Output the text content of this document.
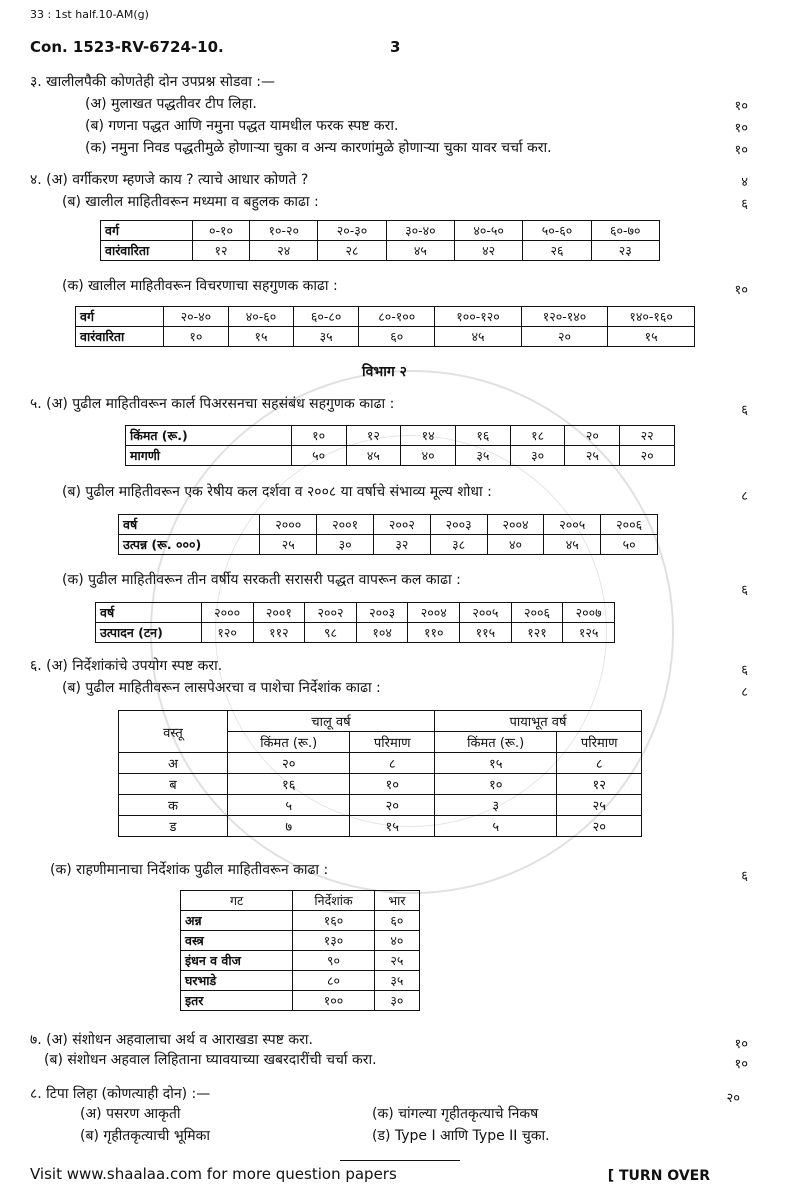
33 : 1st half.10-AM(g)
Con. 1523-RV-6724-10.	3
३. खालीलपैकी कोणतेही दोन उपप्रश्न सोडवा :—
(अ) मुलाखत पद्धतीवर टीप लिहा.	१०
(ब) गणना पद्धत आणि नमुना पद्धत यामधील फरक स्पष्ट करा.	१०
(क) नमुना निवड पद्धतीमुळे होणाऱ्या चुका व अन्य कारणांमुळे होणाऱ्या चुका यावर चर्चा करा.	१०
४. (अ) वर्गीकरण म्हणजे काय ? त्याचे आधार कोणते ?	४
(ब) खालील माहितीवरून मध्यमा व बहुलक काढा :	६
वर्ग	०-१०	१०-२०	२०-३०	३०-४०	४०-५०	५०-६०	६०-७०
वारंवारिता	१२	२४	२८	४५	४२	२६	२३
(क) खालील माहितीवरून विचरणाचा सहगुणक काढा :	१०
वर्ग	२०-४०	४०-६०	६०-८०	८०-१००	१००-१२०	१२०-१४०	१४०-१६०
वारंवारिता	१०	१५	३५	६०	४५	२०	१५
विभाग २
५. (अ) पुढील माहितीवरून कार्ल पिअरसनचा सहसंबंध सहगुणक काढा :	६
किंमत (रू.)	१०	१२	१४	१६	१८	२०	२२
मागणी	५०	४५	४०	३५	३०	२५	२०
(ब) पुढील माहितीवरून एक रेषीय कल दर्शवा व २००८ या वर्षाचे संभाव्य मूल्य शोधा :	८
वर्ष	२०००	२००१	२००२	२००३	२००४	२००५	२००६
उत्पन्न (रू. ०००)	२५	३०	३२	३८	४०	४५	५०
(क) पुढील माहितीवरून तीन वर्षीय सरकती सरासरी पद्धत वापरून कल काढा :
६
वर्ष	२०००	२००१	२००२	२००३	२००४	२००५	२००६	२००७
उत्पादन (टन)	१२०	११२	९८	१०४	११०	११५	१२१	१२५
६. (अ) निर्देशांकांचे उपयोग स्पष्ट करा.	६
(ब) पुढील माहितीवरून लासपेअरचा व पाशेचा निर्देशांक काढा :	८
वस्तू	चालू वर्ष		पायाभूत वर्ष	
	किंमत (रू.)	परिमाण	किंमत (रू.)	परिमाण
अ	२०	८	१५	८
ब	१६	१०	१०	१२
क	५	२०	३	२५
ड	७	१५	५	२०
(क) राहणीमानाचा निर्देशांक पुढील माहितीवरून काढा :	६
गट	निर्देशांक	भार
अन्न	१६०	६०
वस्त्र	१३०	४०
इंधन व वीज	९०	२५
घरभाडे	८०	३५
इतर	१००	३०
७. (अ) संशोधन अहवालाचा अर्थ व आराखडा स्पष्ट करा.	१०
(ब) संशोधन अहवाल लिहिताना घ्यावयाच्या खबरदारींची चर्चा करा.	१०
८. टिपा लिहा (कोणत्याही दोन) :—	२०
(अ) पसरण आकृती	(क) चांगल्या गृहीतकृत्याचे निकष
(ब) गृहीतकृत्याची भूमिका	(ड) Type I आणि Type II चुका.
Visit www.shaalaa.com for more question papers	[ TURN OVER
